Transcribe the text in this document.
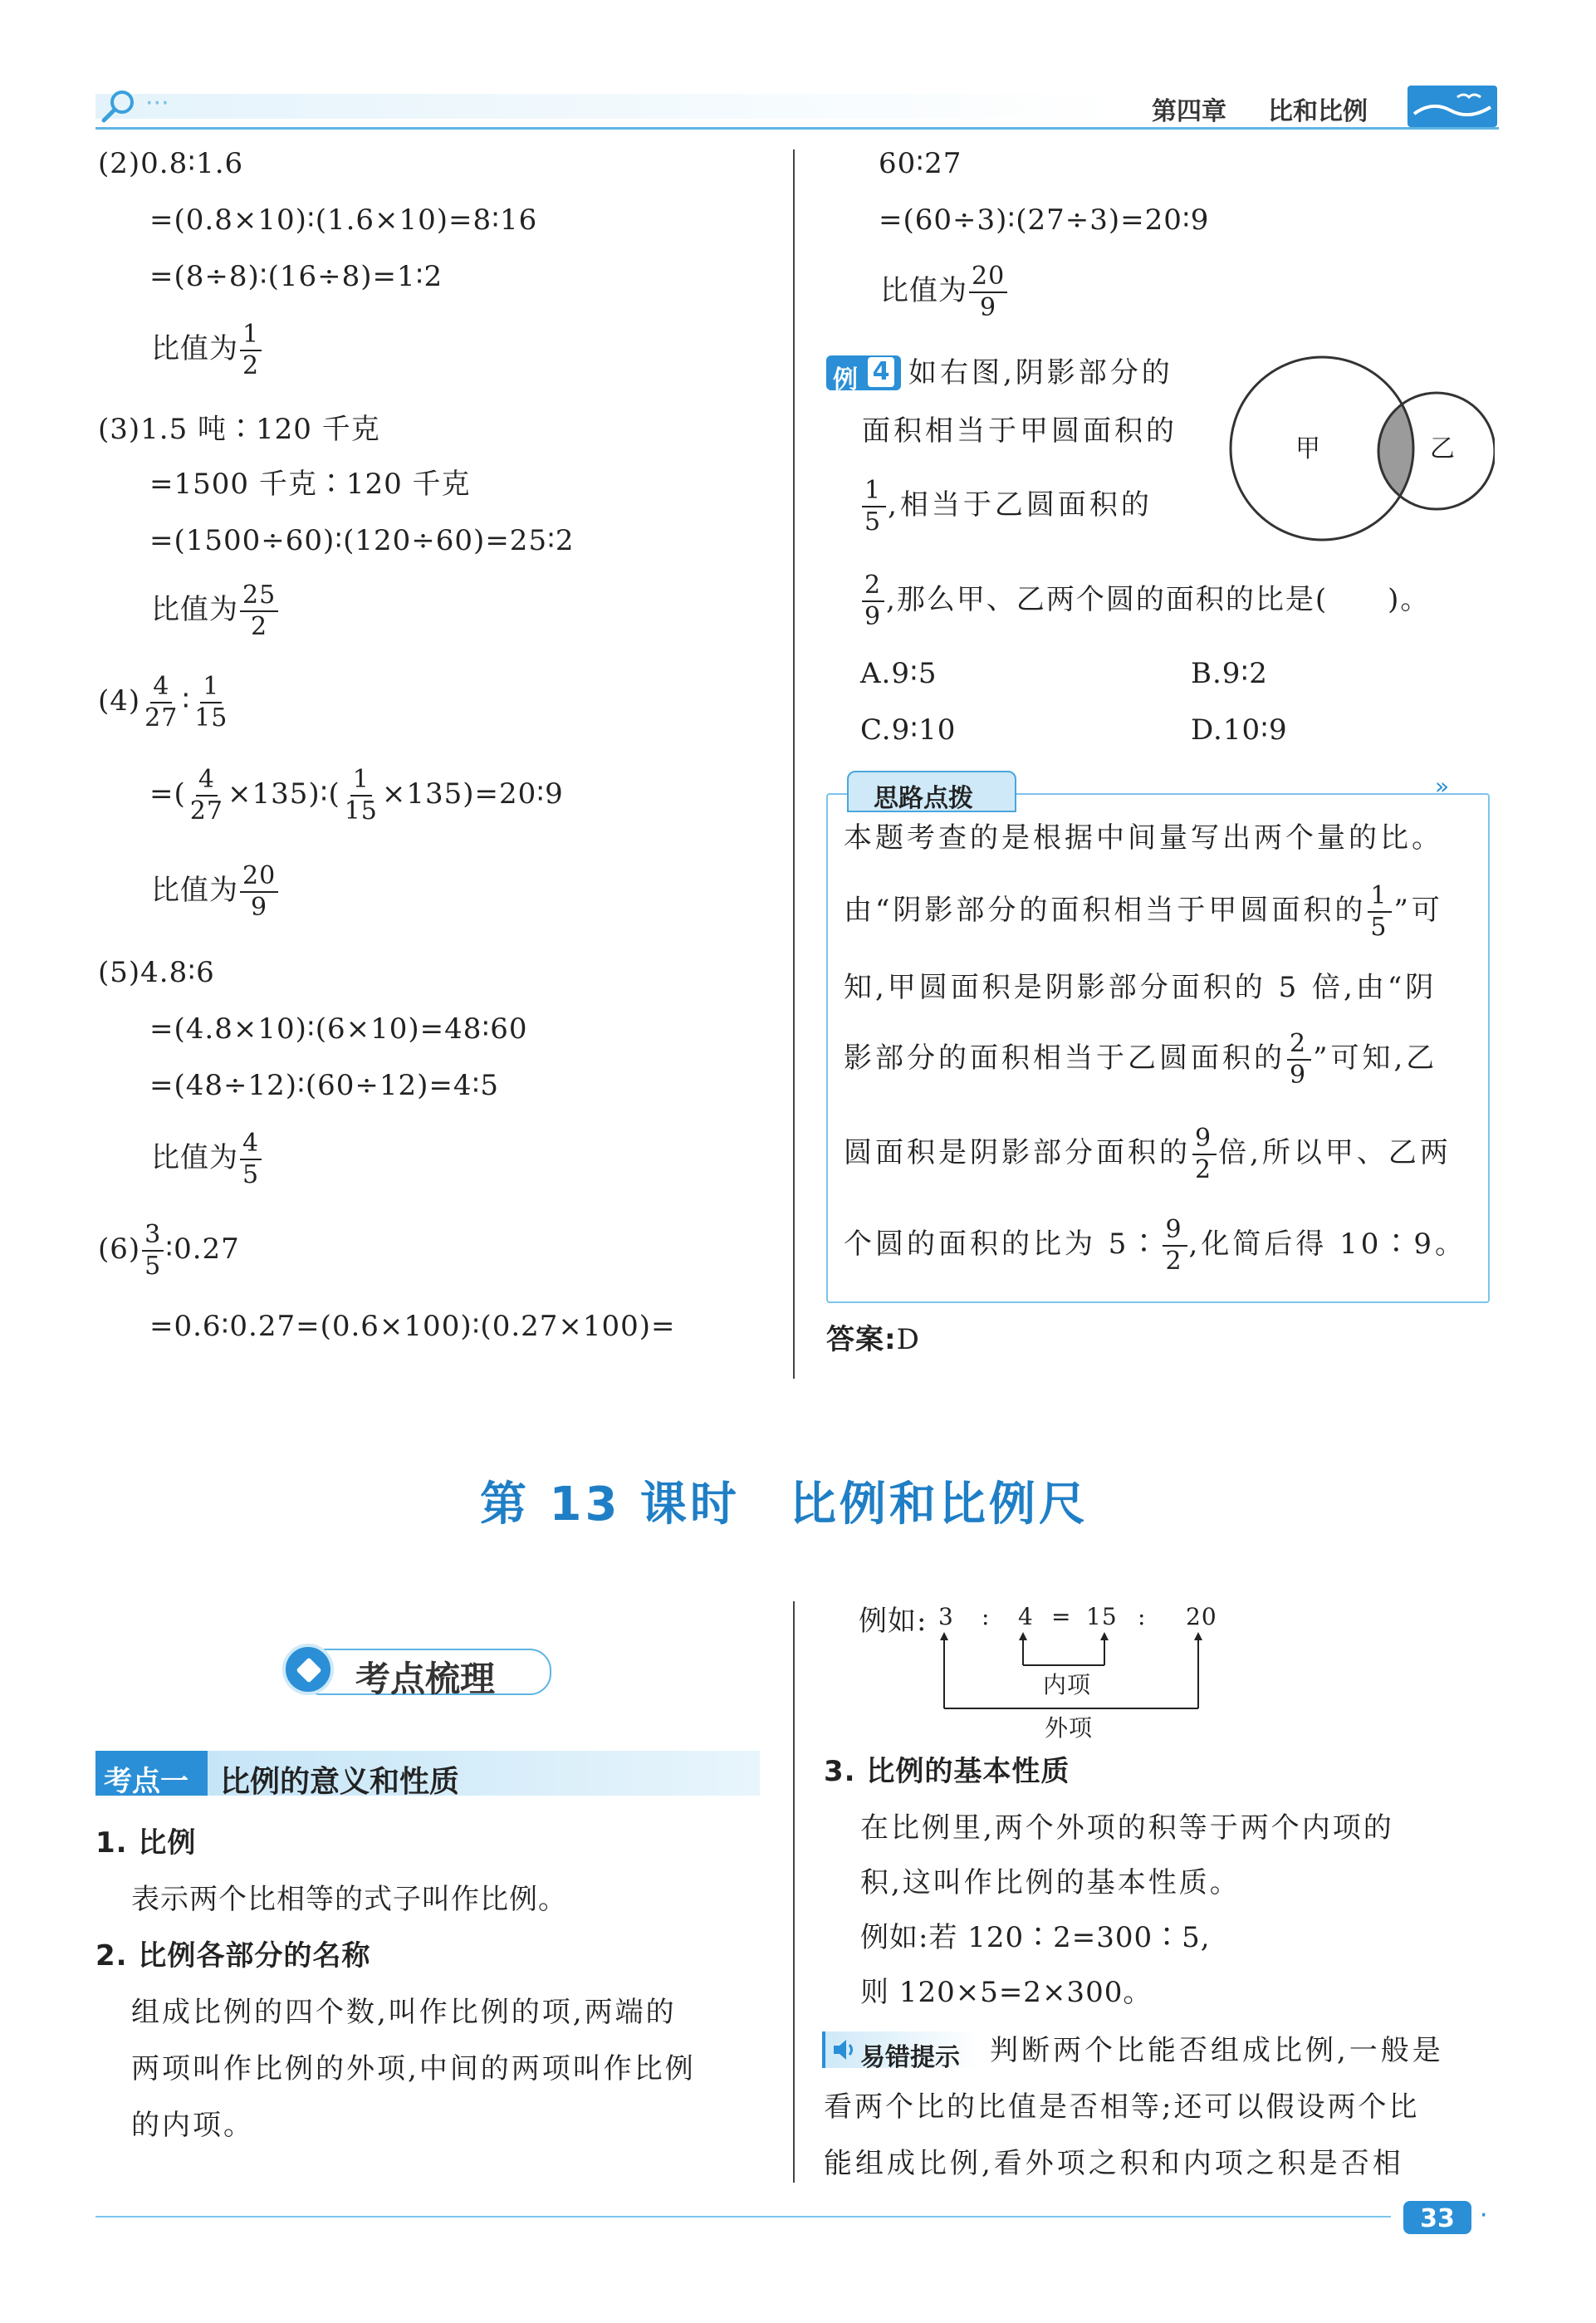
···	第四章 比和比例
(2)0.8∶1.6
=(0.8×10)∶(1.6×10)=8∶16
=(8÷8)∶(16÷8)=1∶2
比值为 $\frac{1}{2}$
(3)1.5 吨∶120 千克
=1500 千克∶120 千克
=(1500÷60)∶(120÷60)=25∶2
比值为 $\frac{25}{2}$
$(4) \frac{4}{27}$ ∶ $\frac{1}{15}$
=( $\frac{4}{27}$ ×135)∶( $\frac{1}{15}$ ×135)=20∶9
比值为 $\frac{20}{9}$
(5)4.8∶6
=(4.8×10)∶(6×10)=48∶60
=(48÷12)∶(60÷12)=4∶5
比值为 $\frac{4}{5}$
$(6) \frac{3}{5}$ ∶0.27
=0.6∶0.27=(0.6×100)∶(0.27×100)=
60∶27
=(60÷3)∶(27÷3)=20∶9
比值为 $\frac{20}{9}$
例 4 如右图,阴影部分的
面积相当于甲圆面积的
$\frac{1}{5}$ ,相当于乙圆面积的
$\frac{2}{9}$ ,那么甲、乙两个圆的面积的比是(　　)。
甲	乙
A.9∶5	B.9∶2
C.9∶10	D.10∶9
思路点拨	»
本题考查的是根据中间量写出两个量的比。
由“阴影部分的面积相当于甲圆面积的 $\frac{1}{5}$ ”可
知,甲圆面积是阴影部分面积的 5 倍,由“阴
影部分的面积相当于乙圆面积的 $\frac{2}{9}$ ”可知,乙
圆面积是阴影部分面积的 $\frac{9}{2}$ 倍,所以甲、乙两
个圆的面积的比为 5∶ $\frac{9}{2}$ ,化简后得 10∶9。
答案:D
第 13 课时　比例和比例尺
考点梳理
考点一 比例的意义和性质
1. 比例
表示两个比相等的式子叫作比例。
2. 比例各部分的名称
组成比例的四个数,叫作比例的项,两端的
两项叫作比例的外项,中间的两项叫作比例
的内项。
例如: 3 : 4 = 15 : 20
内项
外项
3. 比例的基本性质
在比例里,两个外项的积等于两个内项的
积,这叫作比例的基本性质。
例如:若 120∶2=300∶5,
则 120×5=2×300。
易错提示 判断两个比能否组成比例,一般是
看两个比的比值是否相等;还可以假设两个比
能组成比例,看外项之积和内项之积是否相
33	·
